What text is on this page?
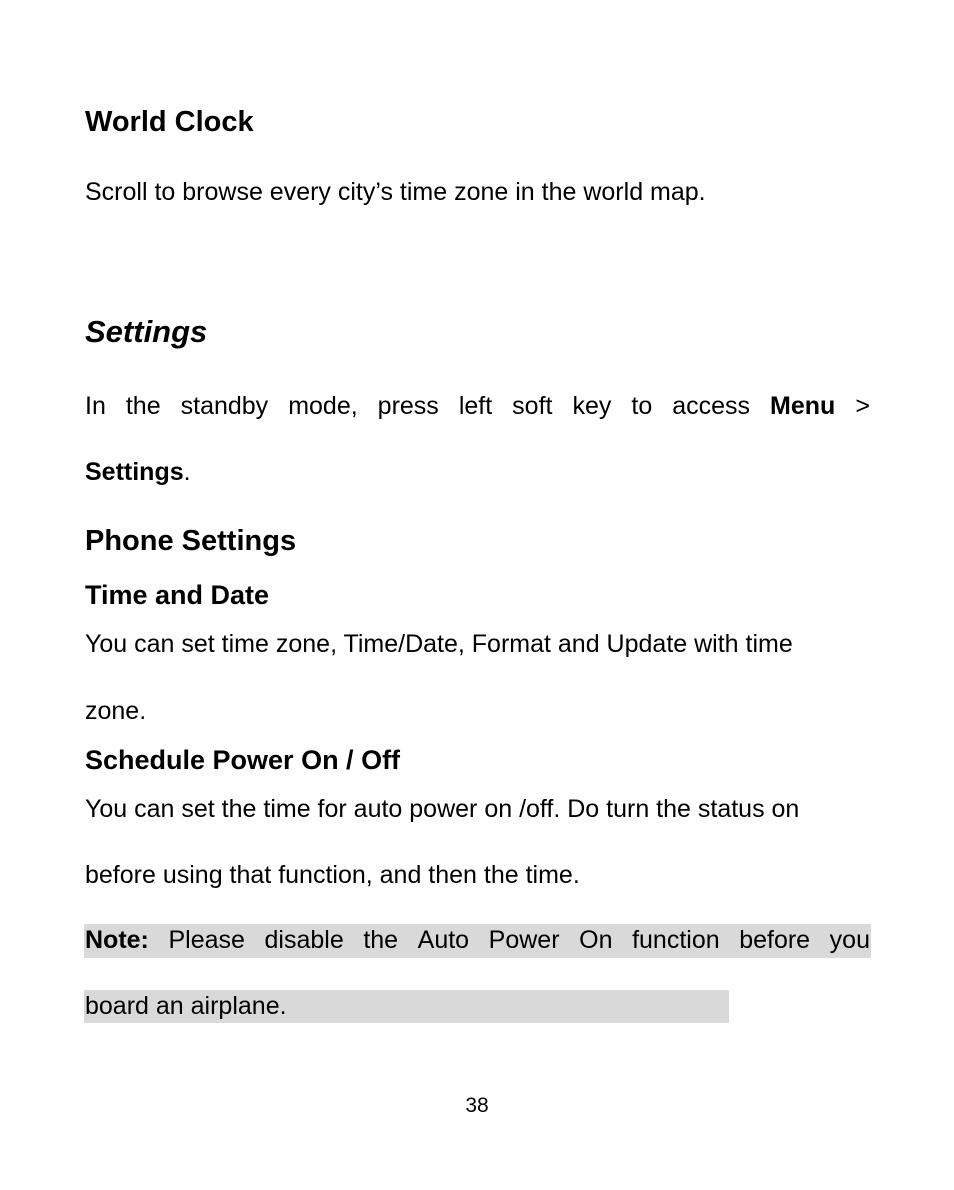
World Clock
Scroll to browse every city’s time zone in the world map.
Settings
In the standby mode, press left soft key to access Menu >
Settings.
Phone Settings
Time and Date
You can set time zone, Time/Date, Format and Update with time
zone.
Schedule Power On / Off
You can set the time for auto power on /off. Do turn the status on
before using that function, and then the time.
Note: Please disable the Auto Power On function before you
board an airplane.
38
